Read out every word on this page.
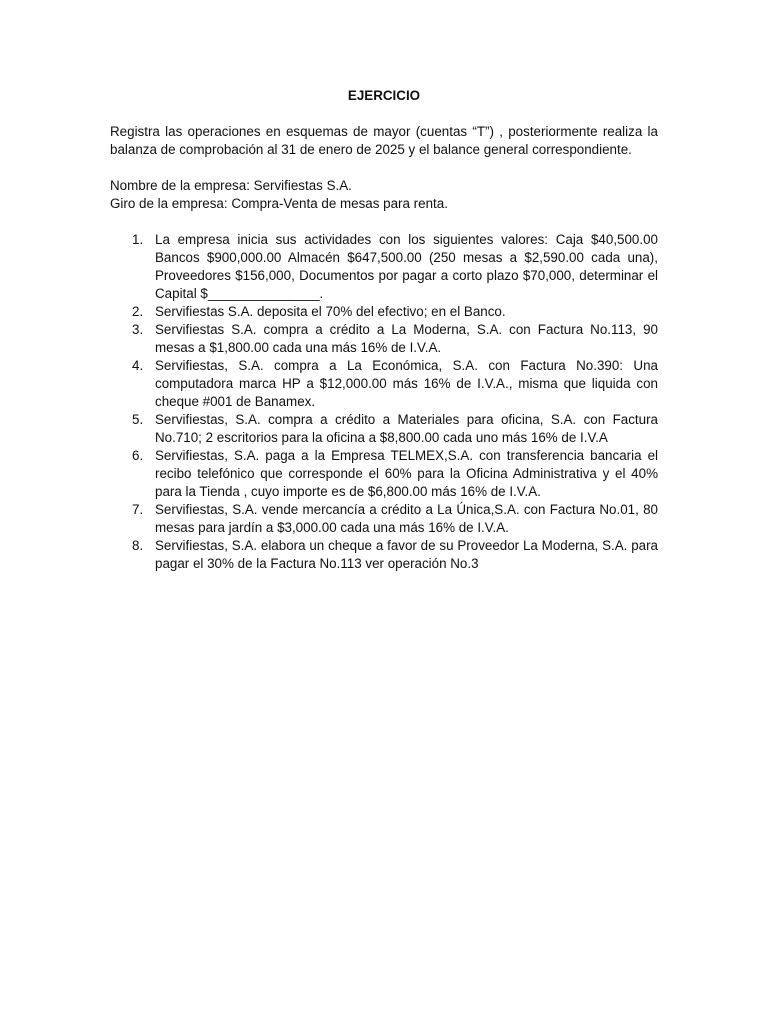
EJERCICIO

Registra las operaciones en esquemas de mayor (cuentas “T”) , posteriormente realiza la balanza de comprobación al 31 de enero de 2025 y el balance general correspondiente.

Nombre de la empresa: Servifiestas S.A.

Giro de la empresa: Compra-Venta de mesas para renta.

1. La empresa inicia sus actividades con los siguientes valores: Caja $40,500.00 Bancos $900,000.00 Almacén $647,500.00 (250 mesas a $2,590.00 cada una), Proveedores $156,000, Documentos por pagar a corto plazo $70,000, determinar el Capital $_______________.
2. Servifiestas S.A. deposita el 70% del efectivo; en el Banco.
3. Servifiestas S.A. compra a crédito a La Moderna, S.A. con Factura No.113, 90 mesas a $1,800.00 cada una más 16% de I.V.A.
4. Servifiestas, S.A. compra a La Económica, S.A. con Factura No.390: Una computadora marca HP a $12,000.00 más 16% de I.V.A., misma que liquida con cheque #001 de Banamex.
5. Servifiestas, S.A. compra a crédito a Materiales para oficina, S.A. con Factura No.710; 2 escritorios para la oficina a $8,800.00 cada uno más 16% de I.V.A
6. Servifiestas, S.A. paga a la Empresa TELMEX,S.A. con transferencia bancaria el recibo telefónico que corresponde el 60% para la Oficina Administrativa y el 40% para la Tienda , cuyo importe es de $6,800.00 más 16% de I.V.A.
7. Servifiestas, S.A. vende mercancía a crédito a La Única,S.A. con Factura No.01, 80 mesas para jardín a $3,000.00 cada una más 16% de I.V.A.
8. Servifiestas, S.A. elabora un cheque a favor de su Proveedor La Moderna, S.A. para pagar el 30% de la Factura No.113 ver operación No.3
